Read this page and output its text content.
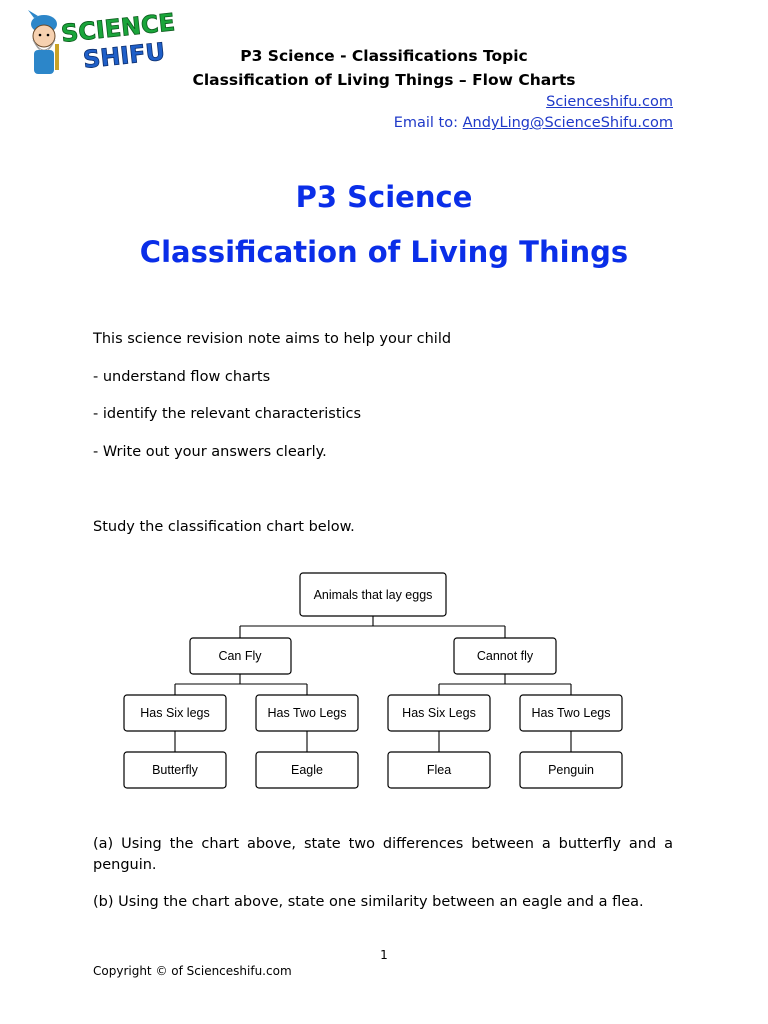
SCIENCE
SHIFU	P3 Science - Classifications Topic
Classification of Living Things – Flow Charts
Scienceshifu.com
Email to: AndyLing@ScienceShifu.com
P3 Science
Classification of Living Things
This science revision note aims to help your child
- understand flow charts
- identify the relevant characteristics
- Write out your answers clearly.
Study the classification chart below.
Animals that lay eggs
Can Fly	Cannot fly
Has Six legs	Has Two Legs	Has Six Legs	Has Two Legs
Butterfly	Eagle	Flea	Penguin
(a) Using the chart above, state two differences between a butterfly and a penguin.
(b) Using the chart above, state one similarity between an eagle and a flea.
1
Copyright © of Scienceshifu.com
